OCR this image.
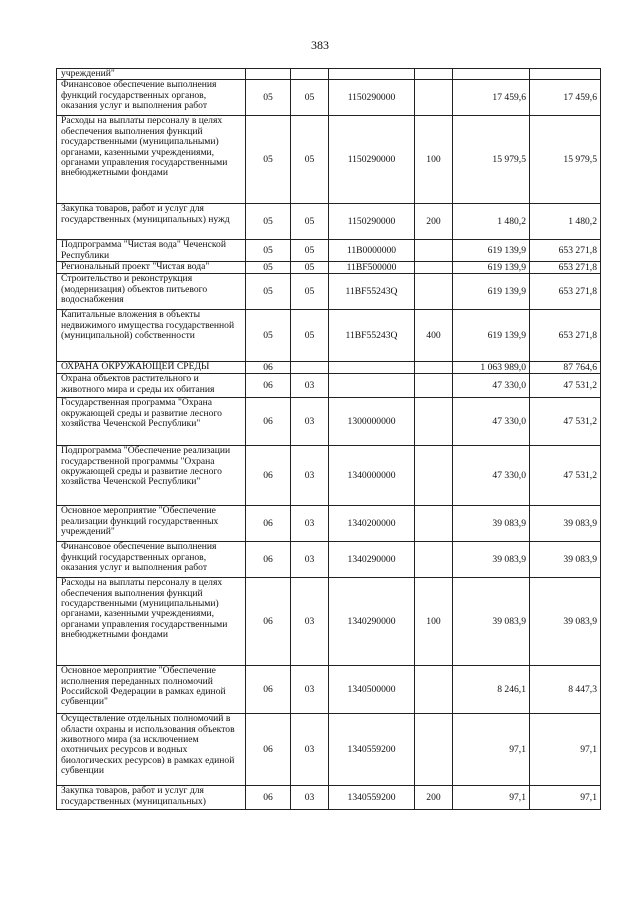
383
учреждений"						
Финансовое обеспечение выполнения функций государственных органов, оказания услуг и выполнения работ	05	05	1150290000		17 459,6	17 459,6
Расходы на выплаты персоналу в целях обеспечения выполнения функций государственными (муниципальными) органами, казенными учреждениями, органами управления государственными внебюджетными фондами	05	05	1150290000	100	15 979,5	15 979,5
Закупка товаров, работ и услуг для государственных (муниципальных) нужд	05	05	1150290000	200	1 480,2	1 480,2
Подпрограмма "Чистая вода" Чеченской Республики	05	05	11В0000000		619 139,9	653 271,8
Региональный проект "Чистая вода"	05	05	11BF500000		619 139,9	653 271,8
Строительство и реконструкция (модернизация) объектов питьевого водоснабжения	05	05	11BF55243Q		619 139,9	653 271,8
Капитальные вложения в объекты недвижимого имущества государственной (муниципальной) собственности	05	05	11BF55243Q	400	619 139,9	653 271,8
ОХРАНА ОКРУЖАЮЩЕЙ СРЕДЫ	06				1 063 989,0	87 764,6
Охрана объектов растительного и животного мира и среды их обитания	06	03			47 330,0	47 531,2
Государственная программа "Охрана окружающей среды и развитие лесного хозяйства Чеченской Республики"	06	03	1300000000		47 330,0	47 531,2
Подпрограмма "Обеспечение реализации государственной программы "Охрана окружающей среды и развитие лесного хозяйства Чеченской Республики"	06	03	1340000000		47 330,0	47 531,2
Основное мероприятие "Обеспечение реализации функций государственных учреждений"	06	03	1340200000		39 083,9	39 083,9
Финансовое обеспечение выполнения функций государственных органов, оказания услуг и выполнения работ	06	03	1340290000		39 083,9	39 083,9
Расходы на выплаты персоналу в целях обеспечения выполнения функций государственными (муниципальными) органами, казенными учреждениями, органами управления государственными внебюджетными фондами	06	03	1340290000	100	39 083,9	39 083,9
Основное мероприятие "Обеспечение исполнения переданных полномочий Российской Федерации в рамках единой субвенции"	06	03	1340500000		8 246,1	8 447,3
Осуществление отдельных полномочий в области охраны и использования объектов животного мира (за исключением охотничьих ресурсов и водных биологических ресурсов) в рамках единой субвенции	06	03	1340559200		97,1	97,1
Закупка товаров, работ и услуг для государственных (муниципальных)	06	03	1340559200	200	97,1	97,1
